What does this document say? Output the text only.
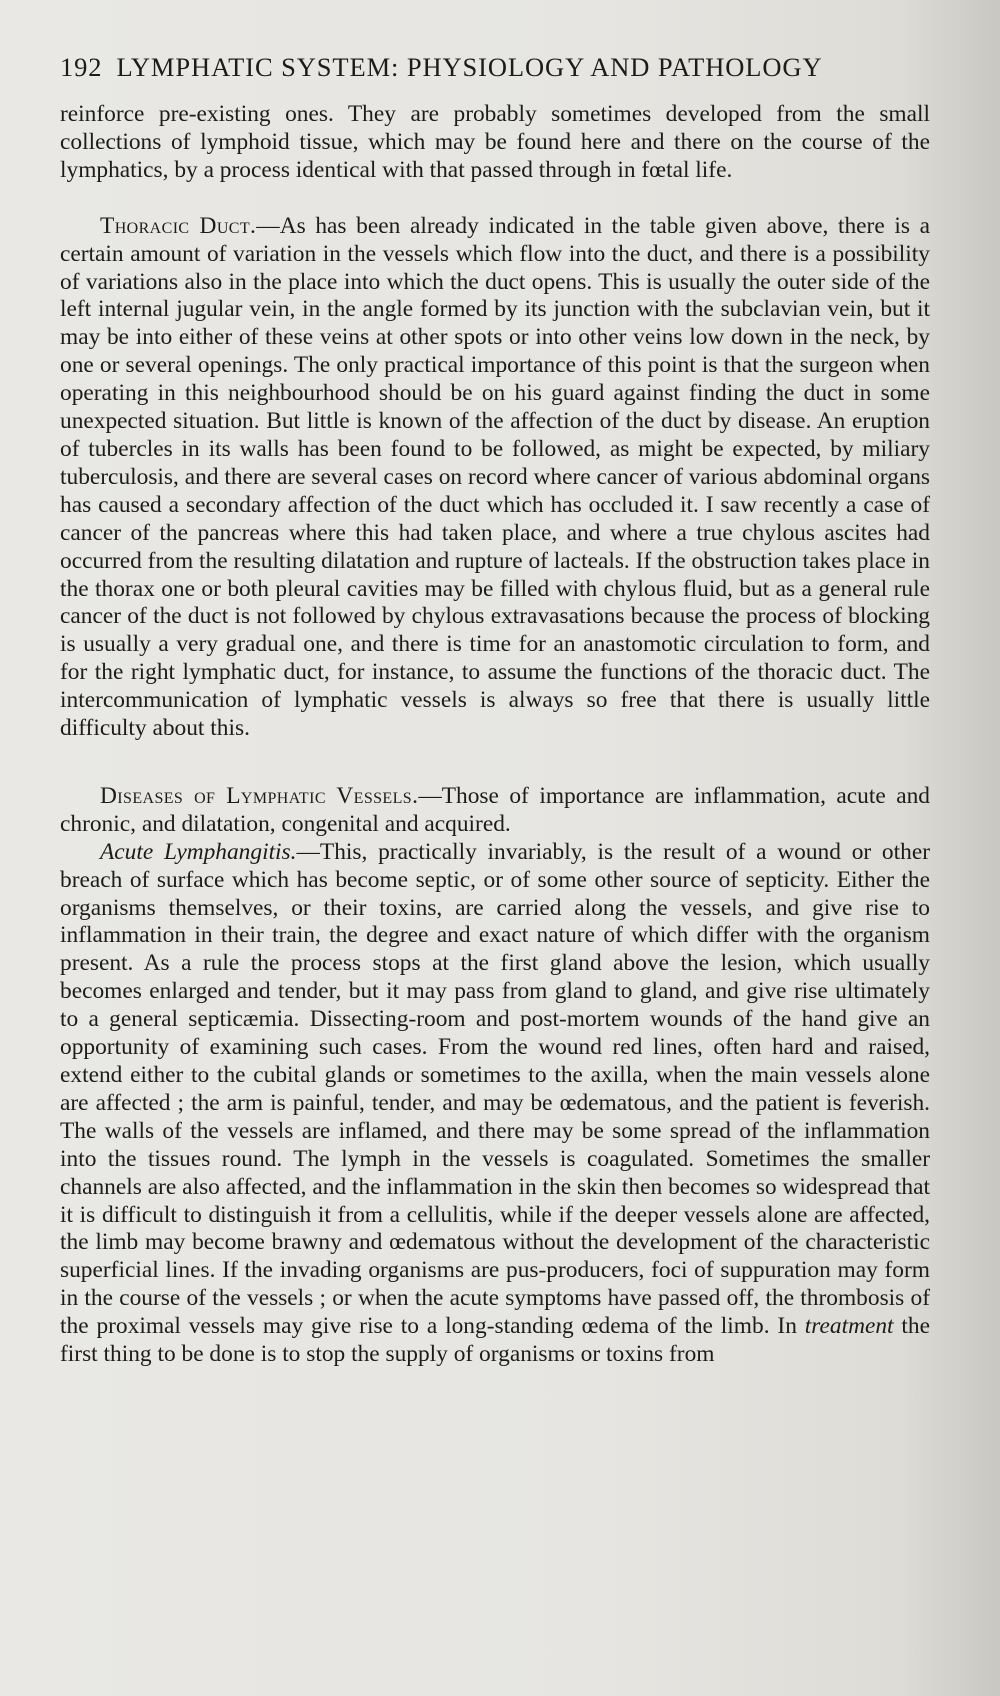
192 LYMPHATIC SYSTEM: PHYSIOLOGY AND PATHOLOGY

reinforce pre-existing ones. They are probably sometimes developed from the small collections of lymphoid tissue, which may be found here and there on the course of the lymphatics, by a process identical with that passed through in fœtal life.

Thoracic Duct.—As has been already indicated in the table given above, there is a certain amount of variation in the vessels which flow into the duct, and there is a possibility of variations also in the place into which the duct opens. This is usually the outer side of the left internal jugular vein, in the angle formed by its junction with the subclavian vein, but it may be into either of these veins at other spots or into other veins low down in the neck, by one or several openings. The only practical importance of this point is that the surgeon when operating in this neighbourhood should be on his guard against finding the duct in some unexpected situation. But little is known of the affection of the duct by disease. An eruption of tubercles in its walls has been found to be followed, as might be expected, by miliary tuberculosis, and there are several cases on record where cancer of various abdominal organs has caused a secondary affection of the duct which has occluded it. I saw recently a case of cancer of the pancreas where this had taken place, and where a true chylous ascites had occurred from the resulting dilatation and rupture of lacteals. If the obstruction takes place in the thorax one or both pleural cavities may be filled with chylous fluid, but as a general rule cancer of the duct is not followed by chylous extravasations because the process of blocking is usually a very gradual one, and there is time for an anastomotic circulation to form, and for the right lymphatic duct, for instance, to assume the functions of the thoracic duct. The intercommunication of lymphatic vessels is always so free that there is usually little difficulty about this.

Diseases of Lymphatic Vessels.—Those of importance are inflammation, acute and chronic, and dilatation, congenital and acquired.

Acute Lymphangitis.—This, practically invariably, is the result of a wound or other breach of surface which has become septic, or of some other source of septicity. Either the organisms themselves, or their toxins, are carried along the vessels, and give rise to inflammation in their train, the degree and exact nature of which differ with the organism present. As a rule the process stops at the first gland above the lesion, which usually becomes enlarged and tender, but it may pass from gland to gland, and give rise ultimately to a general septicæmia. Dissecting-room and post-mortem wounds of the hand give an opportunity of examining such cases. From the wound red lines, often hard and raised, extend either to the cubital glands or sometimes to the axilla, when the main vessels alone are affected ; the arm is painful, tender, and may be œdematous, and the patient is feverish. The walls of the vessels are inflamed, and there may be some spread of the inflammation into the tissues round. The lymph in the vessels is coagulated. Sometimes the smaller channels are also affected, and the inflammation in the skin then becomes so widespread that it is difficult to distinguish it from a cellulitis, while if the deeper vessels alone are affected, the limb may become brawny and œdematous without the development of the characteristic superficial lines. If the invading organisms are pus-producers, foci of suppuration may form in the course of the vessels ; or when the acute symptoms have passed off, the thrombosis of the proximal vessels may give rise to a long-standing œdema of the limb. In treatment the first thing to be done is to stop the supply of organisms or toxins from
